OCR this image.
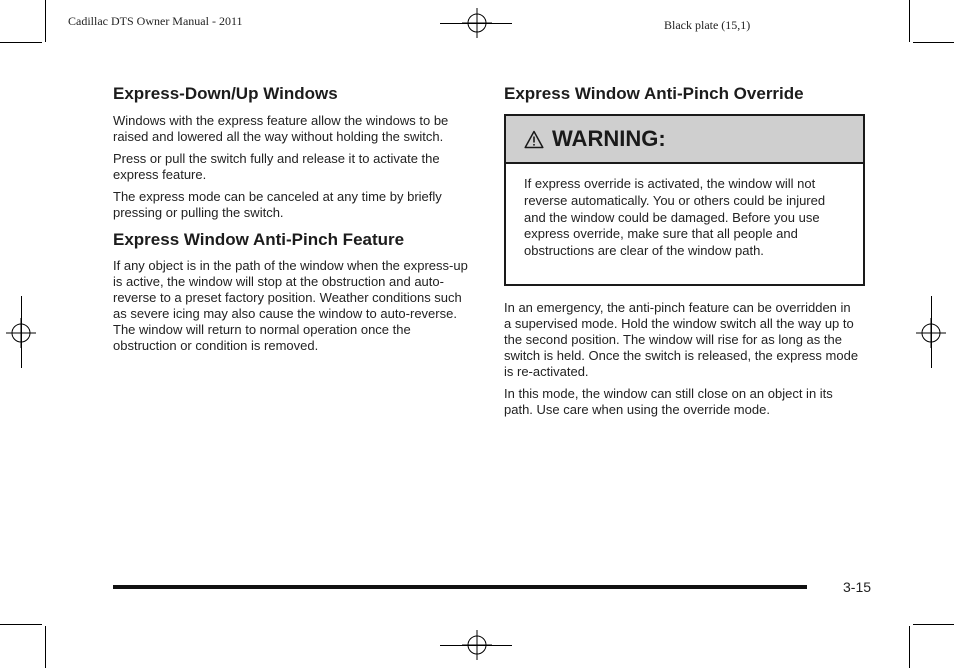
Cadillac DTS Owner Manual - 2011	Black plate (15,1)
Express-Down/Up Windows

Windows with the express feature allow the windows to be raised and lowered all the way without holding the switch.

Press or pull the switch fully and release it to activate the express feature.

The express mode can be canceled at any time by briefly pressing or pulling the switch.

Express Window Anti-Pinch Feature

If any object is in the path of the window when the express-up is active, the window will stop at the obstruction and auto-reverse to a preset factory position. Weather conditions such as severe icing may also cause the window to auto-reverse. The window will return to normal operation once the obstruction or condition is removed.

Express Window Anti-Pinch Override
WARNING:

If express override is activated, the window will not reverse automatically. You or others could be injured and the window could be damaged. Before you use express override, make sure that all people and obstructions are clear of the window path.

In an emergency, the anti-pinch feature can be overridden in a supervised mode. Hold the window switch all the way up to the second position. The window will rise for as long as the switch is held. Once the switch is released, the express mode is re-activated.

In this mode, the window can still close on an object in its path. Use care when using the override mode.

3-15
